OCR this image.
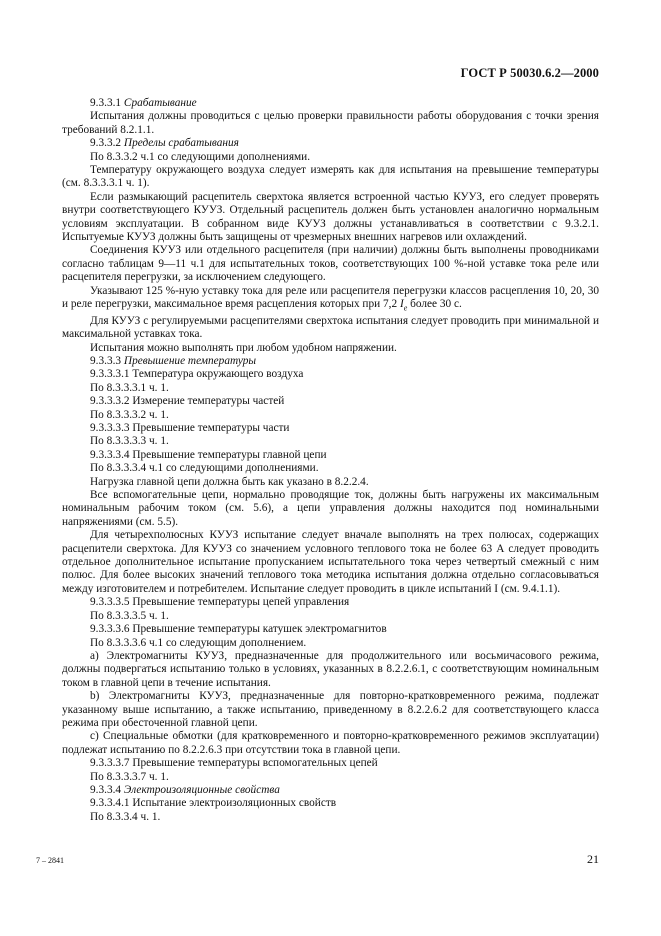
ГОСТ Р 50030.6.2—2000

9.3.3.1 Срабатывание

Испытания должны проводиться с целью проверки правильности работы оборудования с точки зрения требований 8.2.1.1.

9.3.3.2 Пределы срабатывания

По 8.3.3.2 ч.1 со следующими дополнениями.

Температуру окружающего воздуха следует измерять как для испытания на превышение температуры (см. 8.3.3.3.1 ч. 1).

Если размыкающий расцепитель сверхтока является встроенной частью КУУЗ, его следует проверять внутри соответствующего КУУЗ. Отдельный расцепитель должен быть установлен аналогично нормальным условиям эксплуатации. В собранном виде КУУЗ должны устанавливаться в соответствии с 9.3.2.1. Испытуемые КУУЗ должны быть защищены от чрезмерных внешних нагревов или охлаждений.

Соединения КУУЗ или отдельного расцепителя (при наличии) должны быть выполнены проводниками согласно таблицам 9—11 ч.1 для испытательных токов, соответствующих 100 %-ной уставке тока реле или расцепителя перегрузки, за исключением следующего.

Указывают 125 %-ную уставку тока для реле или расцепителя перегрузки классов расцепления 10, 20, 30 и реле перегрузки, максимальное время расцепления которых при 7,2 $I_e$ более 30 с.

Для КУУЗ с регулируемыми расцепителями сверхтока испытания следует проводить при минимальной и максимальной уставках тока.

Испытания можно выполнять при любом удобном напряжении.

9.3.3.3 Превышение температуры

9.3.3.3.1 Температура окружающего воздуха

По 8.3.3.3.1 ч. 1.

9.3.3.3.2 Измерение температуры частей

По 8.3.3.3.2 ч. 1.

9.3.3.3.3 Превышение температуры части

По 8.3.3.3.3 ч. 1.

9.3.3.3.4 Превышение температуры главной цепи

По 8.3.3.3.4 ч.1 со следующими дополнениями.

Нагрузка главной цепи должна быть как указано в 8.2.2.4.

Все вспомогательные цепи, нормально проводящие ток, должны быть нагружены их максимальным номинальным рабочим током (см. 5.6), а цепи управления должны находится под номинальными напряжениями (см. 5.5).

Для четырехполюсных КУУЗ испытание следует вначале выполнять на трех полюсах, содержащих расцепители сверхтока. Для КУУЗ со значением условного теплового тока не более 63 А следует проводить отдельное дополнительное испытание пропусканием испытательного тока через четвертый смежный с ним полюс. Для более высоких значений теплового тока методика испытания должна отдельно согласовываться между изготовителем и потребителем. Испытание следует проводить в цикле испытаний I (см. 9.4.1.1).

9.3.3.3.5 Превышение температуры цепей управления

По 8.3.3.3.5 ч. 1.

9.3.3.3.6 Превышение температуры катушек электромагнитов

По 8.3.3.3.6 ч.1 со следующим дополнением.

а) Электромагниты КУУЗ, предназначенные для продолжительного или восьмичасового режима, должны подвергаться испытанию только в условиях, указанных в 8.2.2.6.1, с соответствующим номинальным током в главной цепи в течение испытания.

b) Электромагниты КУУЗ, предназначенные для повторно-кратковременного режима, подлежат указанному выше испытанию, а также испытанию, приведенному в 8.2.2.6.2 для соответствующего класса режима при обесточенной главной цепи.

с) Специальные обмотки (для кратковременного и повторно-кратковременного режимов эксплуатации) подлежат испытанию по 8.2.2.6.3 при отсутствии тока в главной цепи.

9.3.3.3.7 Превышение температуры вспомогательных цепей

По 8.3.3.3.7 ч. 1.

9.3.3.4 Электроизоляционные свойства

9.3.3.4.1 Испытание электроизоляционных свойств

По 8.3.3.4 ч. 1.

7 – 2841	21
